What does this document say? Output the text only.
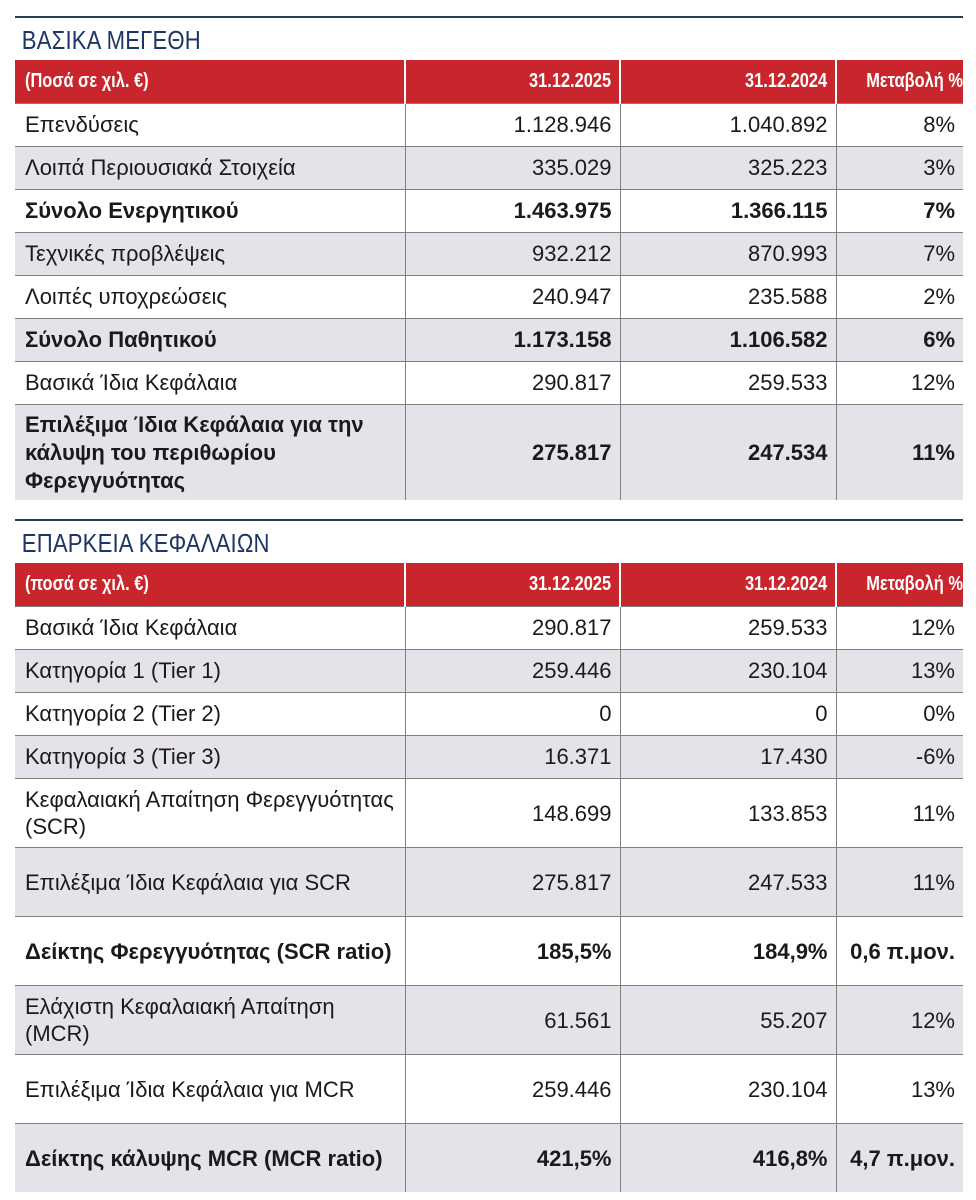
ΒΑΣΙΚΑ ΜΕΓΕΘΗ
(Ποσά σε χιλ. €)	31.12.2025	31.12.2024	Μεταβολή %
Επενδύσεις	1.128.946	1.040.892	8%
Λοιπά Περιουσιακά Στοιχεία	335.029	325.223	3%
Σύνολο Ενεργητικού	1.463.975	1.366.115	7%
Τεχνικές προβλέψεις	932.212	870.993	7%
Λοιπές υποχρεώσεις	240.947	235.588	2%
Σύνολο Παθητικού	1.173.158	1.106.582	6%
Βασικά Ίδια Κεφάλαια	290.817	259.533	12%
Επιλέξιμα Ίδια Κεφάλαια για την κάλυψη του περιθωρίου Φερεγγυότητας	275.817	247.534	11%
ΕΠΑΡΚΕΙΑ ΚΕΦΑΛΑΙΩΝ
(ποσά σε χιλ. €)	31.12.2025	31.12.2024	Μεταβολή %
Βασικά Ίδια Κεφάλαια	290.817	259.533	12%
Κατηγορία 1 (Tier 1)	259.446	230.104	13%
Κατηγορία 2 (Tier 2)	0	0	0%
Κατηγορία 3 (Tier 3)	16.371	17.430	-6%
Κεφαλαιακή Απαίτηση Φερεγγυότητας (SCR)	148.699	133.853	11%
Επιλέξιμα Ίδια Κεφάλαια για SCR	275.817	247.533	11%
Δείκτης Φερεγγυότητας (SCR ratio)	185,5%	184,9%	0,6 π.μον.
Ελάχιστη Κεφαλαιακή Απαίτηση (MCR)	61.561	55.207	12%
Επιλέξιμα Ίδια Κεφάλαια για MCR	259.446	230.104	13%
Δείκτης κάλυψης MCR (MCR ratio)	421,5%	416,8%	4,7 π.μον.
